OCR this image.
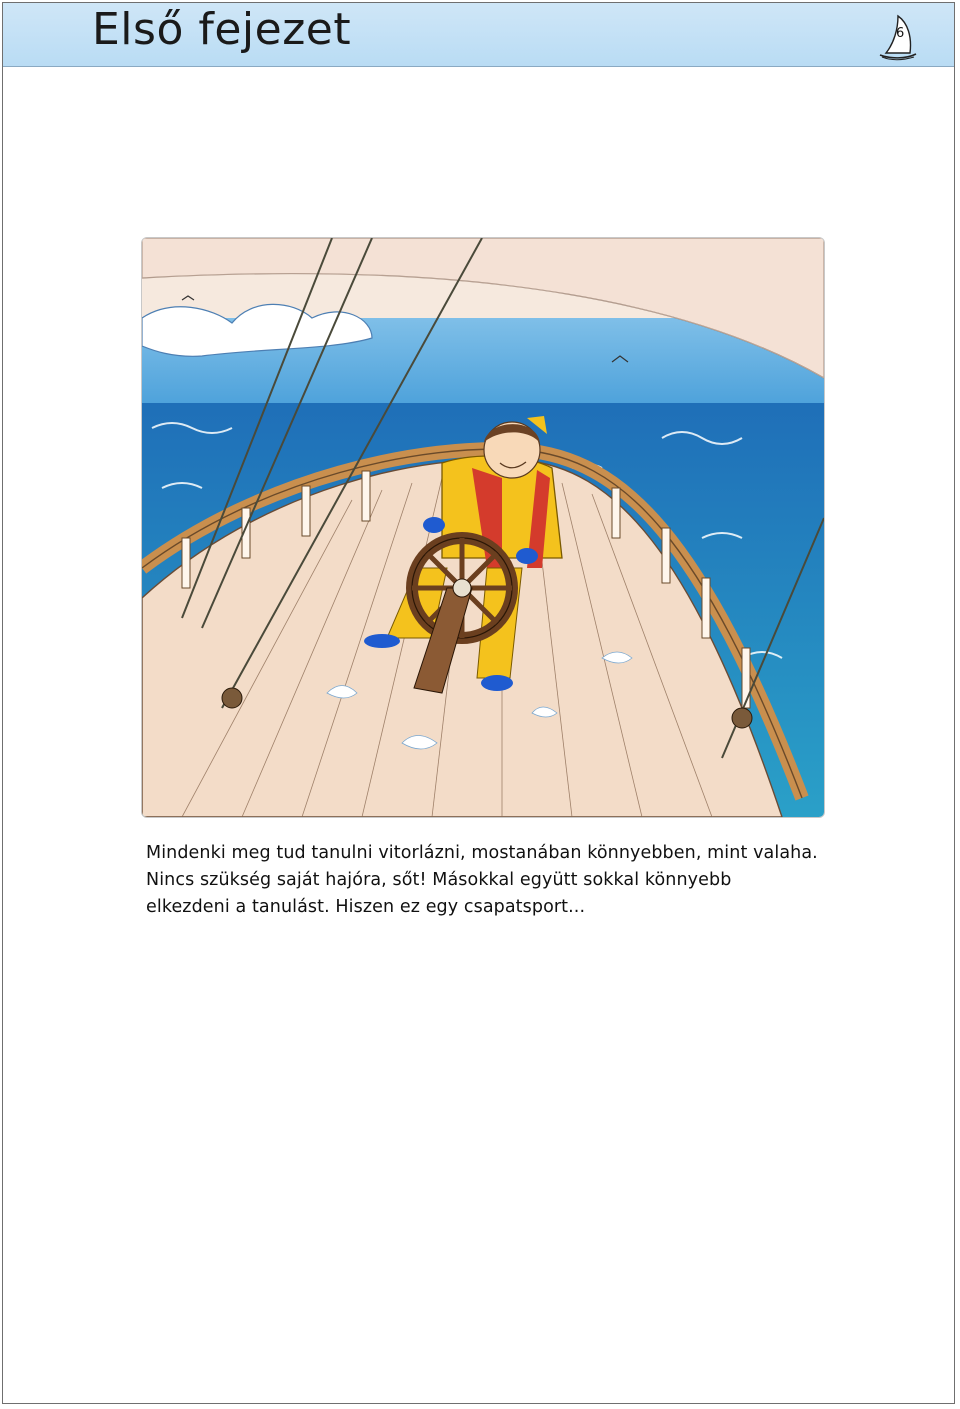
Első fejezet	6
Mindenki meg tud tanulni vitorlázni, mostanában könnyebben, mint valaha.
Nincs szükség saját hajóra, sőt! Másokkal együtt sokkal könnyebb
elkezdeni a tanulást. Hiszen ez egy csapatsport...
